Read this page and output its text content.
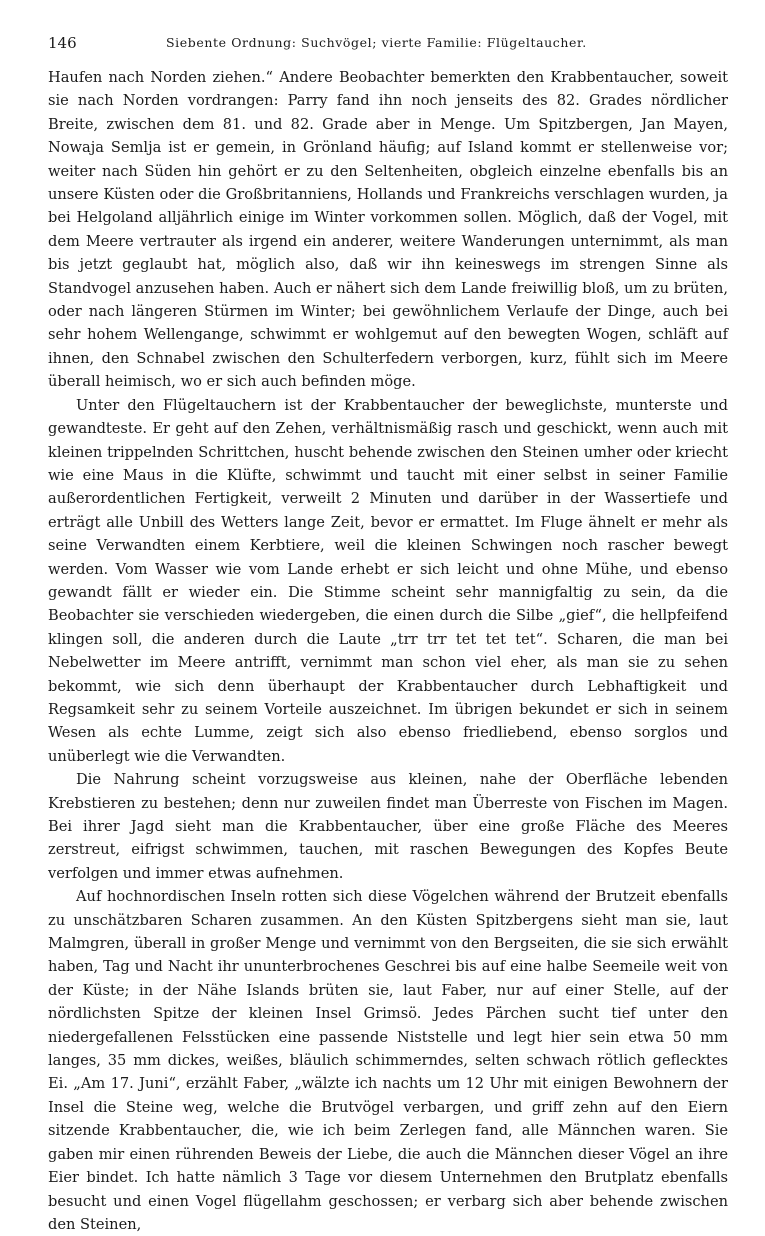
146	Siebente Ordnung: Suchvögel; vierte Familie: Flügeltaucher.

Haufen nach Norden ziehen.“ Andere Beobachter bemerkten den Krabbentaucher, soweit sie nach Norden vordrangen: Parry fand ihn noch jenseits des 82. Grades nördlicher Breite, zwischen dem 81. und 82. Grade aber in Menge. Um Spitzbergen, Jan Mayen, Nowaja Semlja ist er gemein, in Grönland häufig; auf Island kommt er stellenweise vor; weiter nach Süden hin gehört er zu den Seltenheiten, obgleich einzelne ebenfalls bis an unsere Küsten oder die Großbritanniens, Hollands und Frankreichs verschlagen wurden, ja bei Helgoland alljährlich einige im Winter vorkommen sollen. Möglich, daß der Vogel, mit dem Meere vertrauter als irgend ein anderer, weitere Wanderungen unternimmt, als man bis jetzt geglaubt hat, möglich also, daß wir ihn keineswegs im strengen Sinne als Standvogel anzusehen haben. Auch er nähert sich dem Lande freiwillig bloß, um zu brüten, oder nach längeren Stürmen im Winter; bei gewöhnlichem Verlaufe der Dinge, auch bei sehr hohem Wellengange, schwimmt er wohlgemut auf den bewegten Wogen, schläft auf ihnen, den Schnabel zwischen den Schulterfedern verborgen, kurz, fühlt sich im Meere überall heimisch, wo er sich auch befinden möge.

Unter den Flügeltauchern ist der Krabbentaucher der beweglichste, munterste und gewandteste. Er geht auf den Zehen, verhältnismäßig rasch und geschickt, wenn auch mit kleinen trippelnden Schrittchen, huscht behende zwischen den Steinen umher oder kriecht wie eine Maus in die Klüfte, schwimmt und taucht mit einer selbst in seiner Familie außerordentlichen Fertigkeit, verweilt 2 Minuten und darüber in der Wassertiefe und erträgt alle Unbill des Wetters lange Zeit, bevor er ermattet. Im Fluge ähnelt er mehr als seine Verwandten einem Kerbtiere, weil die kleinen Schwingen noch rascher bewegt werden. Vom Wasser wie vom Lande erhebt er sich leicht und ohne Mühe, und ebenso gewandt fällt er wieder ein. Die Stimme scheint sehr mannigfaltig zu sein, da die Beobachter sie verschieden wiedergeben, die einen durch die Silbe „gief“, die hellpfeifend klingen soll, die anderen durch die Laute „trr trr tet tet tet“. Scharen, die man bei Nebelwetter im Meere antrifft, vernimmt man schon viel eher, als man sie zu sehen bekommt, wie sich denn überhaupt der Krabbentaucher durch Lebhaftigkeit und Regsamkeit sehr zu seinem Vorteile auszeichnet. Im übrigen bekundet er sich in seinem Wesen als echte Lumme, zeigt sich also ebenso friedliebend, ebenso sorglos und unüberlegt wie die Verwandten.

Die Nahrung scheint vorzugsweise aus kleinen, nahe der Oberfläche lebenden Krebstieren zu bestehen; denn nur zuweilen findet man Überreste von Fischen im Magen. Bei ihrer Jagd sieht man die Krabbentaucher, über eine große Fläche des Meeres zerstreut, eifrigst schwimmen, tauchen, mit raschen Bewegungen des Kopfes Beute verfolgen und immer etwas aufnehmen.

Auf hochnordischen Inseln rotten sich diese Vögelchen während der Brutzeit ebenfalls zu unschätzbaren Scharen zusammen. An den Küsten Spitzbergens sieht man sie, laut Malmgren, überall in großer Menge und vernimmt von den Bergseiten, die sie sich erwählt haben, Tag und Nacht ihr ununterbrochenes Geschrei bis auf eine halbe Seemeile weit von der Küste; in der Nähe Islands brüten sie, laut Faber, nur auf einer Stelle, auf der nördlichsten Spitze der kleinen Insel Grimsö. Jedes Pärchen sucht tief unter den niedergefallenen Felsstücken eine passende Niststelle und legt hier sein etwa 50 mm langes, 35 mm dickes, weißes, bläulich schimmerndes, selten schwach rötlich geflecktes Ei. „Am 17. Juni“, erzählt Faber, „wälzte ich nachts um 12 Uhr mit einigen Bewohnern der Insel die Steine weg, welche die Brutvögel verbargen, und griff zehn auf den Eiern sitzende Krabbentaucher, die, wie ich beim Zerlegen fand, alle Männchen waren. Sie gaben mir einen rührenden Beweis der Liebe, die auch die Männchen dieser Vögel an ihre Eier bindet. Ich hatte nämlich 3 Tage vor diesem Unternehmen den Brutplatz ebenfalls besucht und einen Vogel flügellahm geschossen; er verbarg sich aber behende zwischen den Steinen,
